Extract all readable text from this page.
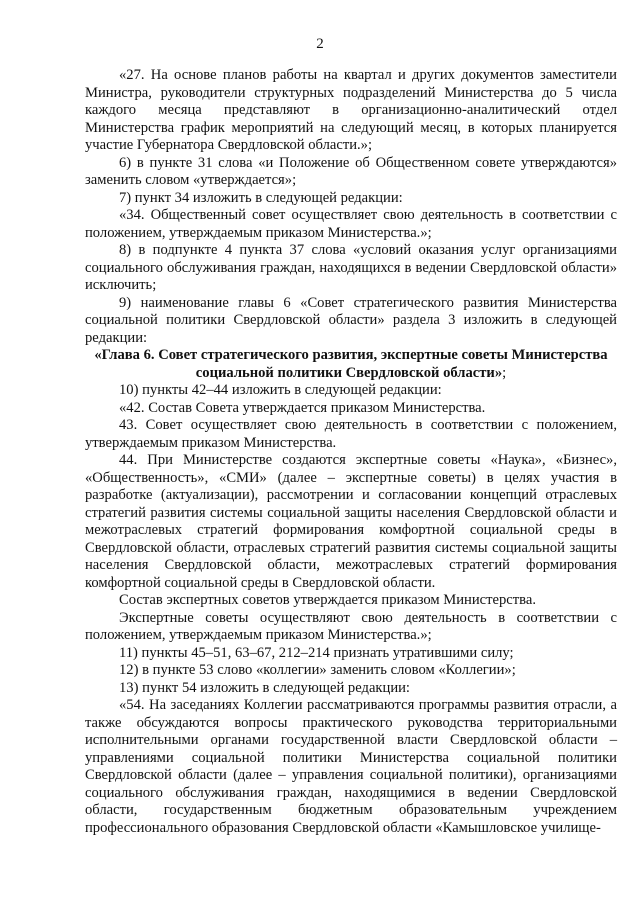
2

«27. На основе планов работы на квартал и других документов заместители Министра, руководители структурных подразделений Министерства до 5 числа каждого месяца представляют в организационно-аналитический отдел Министерства график мероприятий на следующий месяц, в которых планируется участие Губернатора Свердловской области.»;

6) в пункте 31 слова «и Положение об Общественном совете утверждаются» заменить словом «утверждается»;

7) пункт 34 изложить в следующей редакции:

«34. Общественный совет осуществляет свою деятельность в соответствии с положением, утверждаемым приказом Министерства.»;

8) в подпункте 4 пункта 37 слова «условий оказания услуг организациями социального обслуживания граждан, находящихся в ведении Свердловской области» исключить;

9) наименование главы 6 «Совет стратегического развития Министерства социальной политики Свердловской области» раздела 3 изложить в следующей редакции:

«Глава 6. Совет стратегического развития, экспертные советы Министерства социальной политики Свердловской области»;

10) пункты 42–44 изложить в следующей редакции:

«42. Состав Совета утверждается приказом Министерства.

43. Совет осуществляет свою деятельность в соответствии с положением, утверждаемым приказом Министерства.

44. При Министерстве создаются экспертные советы «Наука», «Бизнес», «Общественность», «СМИ» (далее – экспертные советы) в целях участия в разработке (актуализации), рассмотрении и согласовании концепций отраслевых стратегий развития системы социальной защиты населения Свердловской области и межотраслевых стратегий формирования комфортной социальной среды в Свердловской области, отраслевых стратегий развития системы социальной защиты населения Свердловской области, межотраслевых стратегий формирования комфортной социальной среды в Свердловской области.

Состав экспертных советов утверждается приказом Министерства.

Экспертные советы осуществляют свою деятельность в соответствии с положением, утверждаемым приказом Министерства.»;

11) пункты 45–51, 63–67, 212–214 признать утратившими силу;

12) в пункте 53 слово «коллегии» заменить словом «Коллегии»;

13) пункт 54 изложить в следующей редакции:

«54. На заседаниях Коллегии рассматриваются программы развития отрасли, а также обсуждаются вопросы практического руководства территориальными исполнительными органами государственной власти Свердловской области – управлениями социальной политики Министерства социальной политики Свердловской области (далее – управления социальной политики), организациями социального обслуживания граждан, находящимися в ведении Свердловской области, государственным бюджетным образовательным учреждением профессионального образования Свердловской области «Камышловское училище-
